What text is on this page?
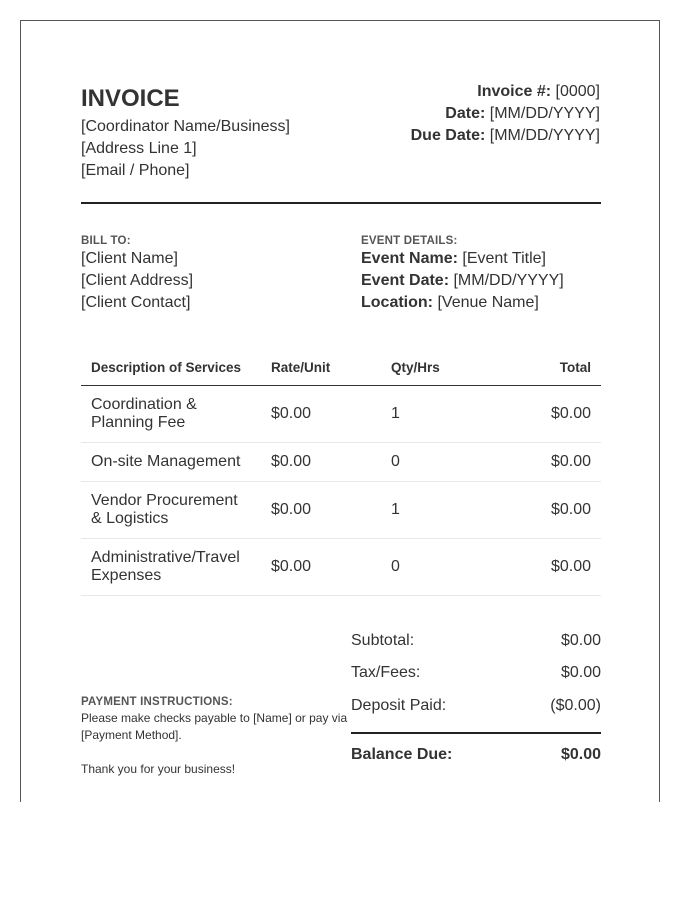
INVOICE
[Coordinator Name/Business]
[Address Line 1]
[Email / Phone]
Invoice #: [0000]
Date: [MM/DD/YYYY]
Due Date: [MM/DD/YYYY]
BILL TO:
[Client Name]
[Client Address]
[Client Contact]
EVENT DETAILS:
Event Name: [Event Title]
Event Date: [MM/DD/YYYY]
Location: [Venue Name]
Description of Services	Rate/Unit	Qty/Hrs	Total
Coordination & Planning Fee	$0.00	1	$0.00
On-site Management	$0.00	0	$0.00
Vendor Procurement & Logistics	$0.00	1	$0.00
Administrative/Travel Expenses	$0.00	0	$0.00
PAYMENT INSTRUCTIONS:
Please make checks payable to [Name] or pay via
[Payment Method].
Thank you for your business!
Subtotal:	$0.00
Tax/Fees:	$0.00
Deposit Paid:	($0.00)
Balance Due:	$0.00
